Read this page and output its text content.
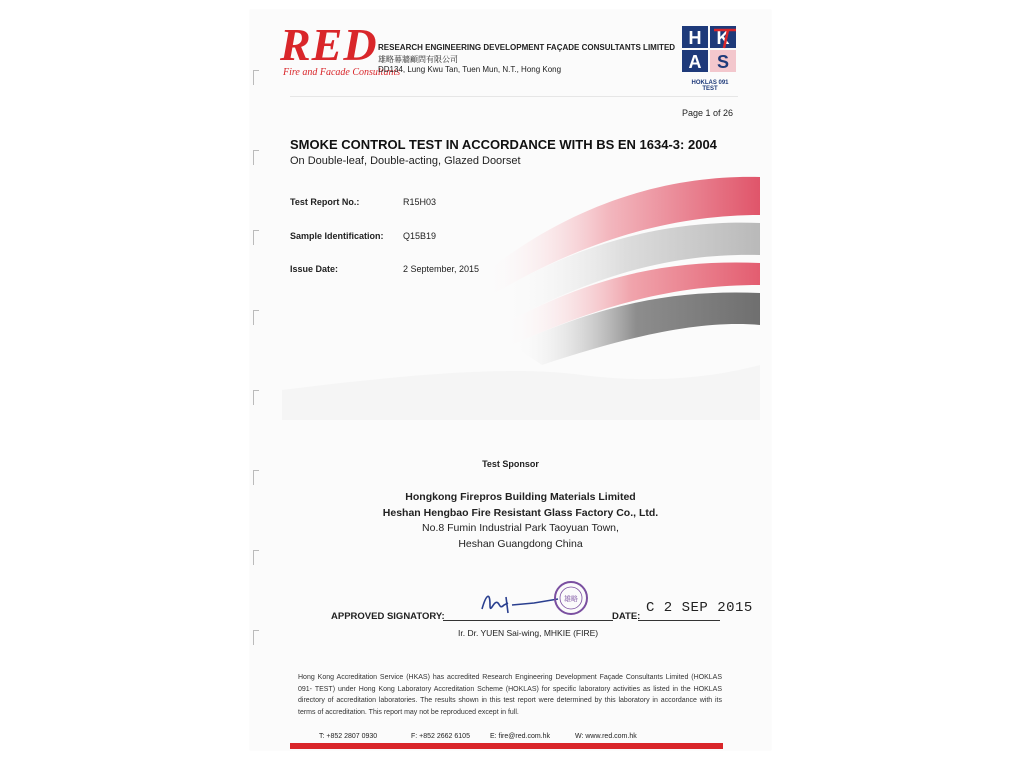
RED
Fire and Facade Consultants
RESEARCH ENGINEERING DEVELOPMENT FAÇADE CONSULTANTS LIMITED
雄略幕牆顧問有限公司
DD134, Lung Kwu Tan, Tuen Mun, N.T., Hong Kong
H K
A S
HOKLAS 091
TEST
Page 1 of 26
SMOKE CONTROL TEST IN ACCORDANCE WITH BS EN 1634-3: 2004
On Double-leaf, Double-acting, Glazed Doorset
Test Report No.:	R15H03
Sample Identification: Q15B19
Issue Date:	2 September, 2015
Test Sponsor
Hongkong Firepros Building Materials Limited
Heshan Hengbao Fire Resistant Glass Factory Co., Ltd.
No.8 Fumin Industrial Park Taoyuan Town,
Heshan Guangdong China
雄略
APPROVED SIGNATORY:	DATE:
C 2 SEP 2015
Ir. Dr. YUEN Sai-wing, MHKIE (FIRE)
Hong Kong Accreditation Service (HKAS) has accredited Research Engineering Development Façade Consultants Limited (HOKLAS 091- TEST) under Hong Kong Laboratory Accreditation Scheme (HOKLAS) for specific laboratory activities as listed in the HOKLAS directory of accreditation laboratories. The results shown in this test report were determined by this laboratory in accordance with its terms of accreditation. This report may not be reproduced except in full.
T: +852 2807 0930	F: +852 2662 6105	E: fire@red.com.hk	W: www.red.com.hk
